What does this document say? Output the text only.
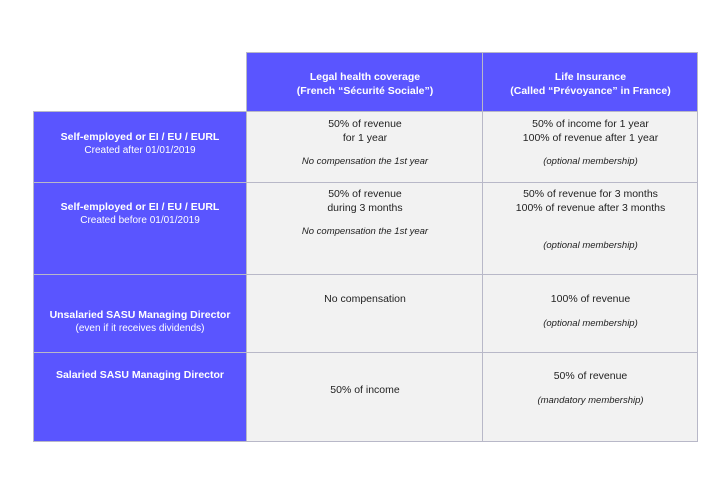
Legal health coverage
(French “Sécurité Sociale”)
Life Insurance
(Called “Prévoyance” in France)
Self-employed or EI / EU / EURL
Created after 01/01/2019
50% of revenue
for 1 year
No compensation the 1st year
50% of income for 1 year
100% of revenue after 1 year
(optional membership)
Self-employed or EI / EU / EURL
Created before 01/01/2019
50% of revenue
during 3 months
No compensation the 1st year
50% of revenue for 3 months
100% of revenue after 3 months
(optional membership)
Unsalaried SASU Managing Director
(even if it receives dividends)
No compensation	100% of revenue
(optional membership)
Salaried SASU Managing Director
50% of income
50% of revenue
(mandatory membership)
